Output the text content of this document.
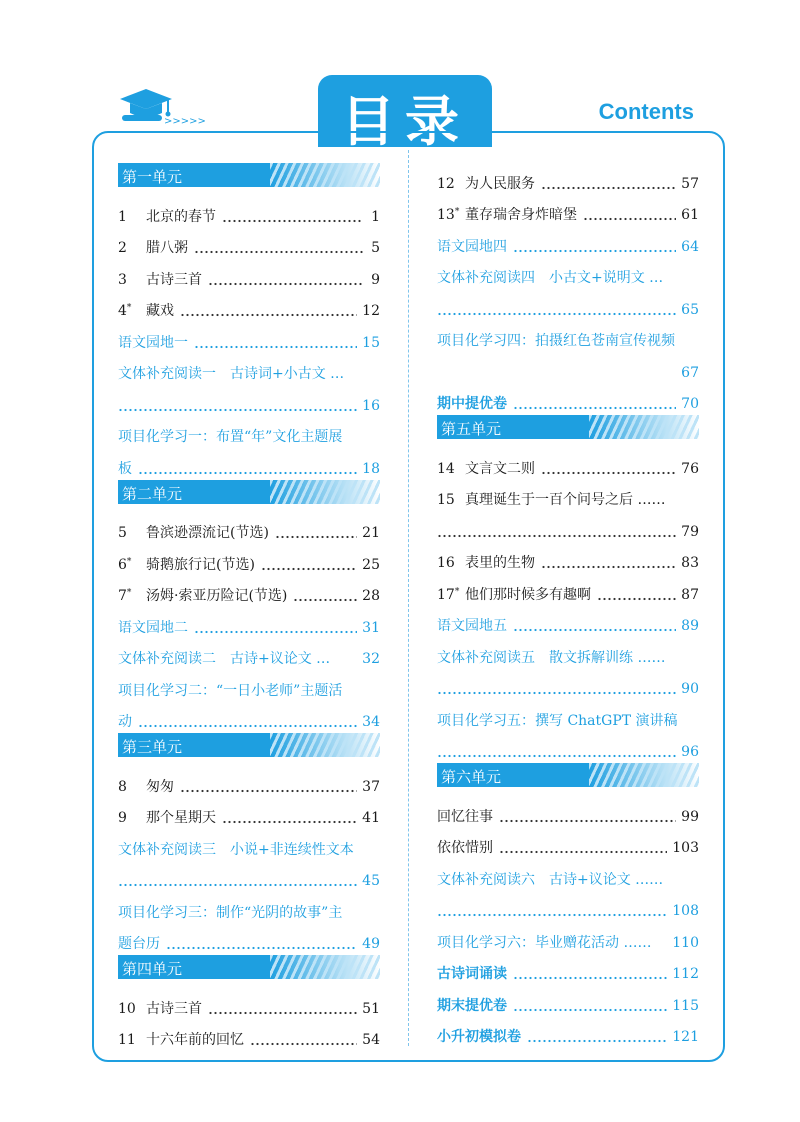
>>>>>	目录	Contents
第一单元
1	北京的春节	1
2	腊八粥	5
3	古诗三首	9
4*	藏戏	12
语文园地一	15
文体补充阅读一　古诗词+小古文 …
16
项目化学习一：布置“年”文化主题展
板	18
第二单元
5	鲁滨逊漂流记(节选)	21
6*	骑鹅旅行记(节选)	25
7*	汤姆·索亚历险记(节选)	28
语文园地二	31
文体补充阅读二　古诗+议论文 … 32
项目化学习二：“一日小老师”主题活
动	34
第三单元
8	匆匆	37
9	那个星期天	41
文体补充阅读三　小说+非连续性文本
45
项目化学习三：制作“光阴的故事”主
题台历	49
第四单元
10 古诗三首	51
11 十六年前的回忆	54
12 为人民服务	57
13* 董存瑞舍身炸暗堡	61
语文园地四	64
文体补充阅读四　小古文+说明文 …
65
项目化学习四：拍摄红色苍南宣传视频
67
期中提优卷	70
第五单元
14 文言文二则	76
15 真理诞生于一百个问号之后 ……
79
16 表里的生物	83
17* 他们那时候多有趣啊	87
语文园地五	89
文体补充阅读五　散文拆解训练 ……
90
项目化学习五：撰写 ChatGPT 演讲稿
96
第六单元
回忆往事	99
依依惜别	103
文体补充阅读六　古诗+议论文 ……
108
项目化学习六：毕业赠花活动 …… 110
古诗词诵读	112
期末提优卷	115
小升初模拟卷	121
